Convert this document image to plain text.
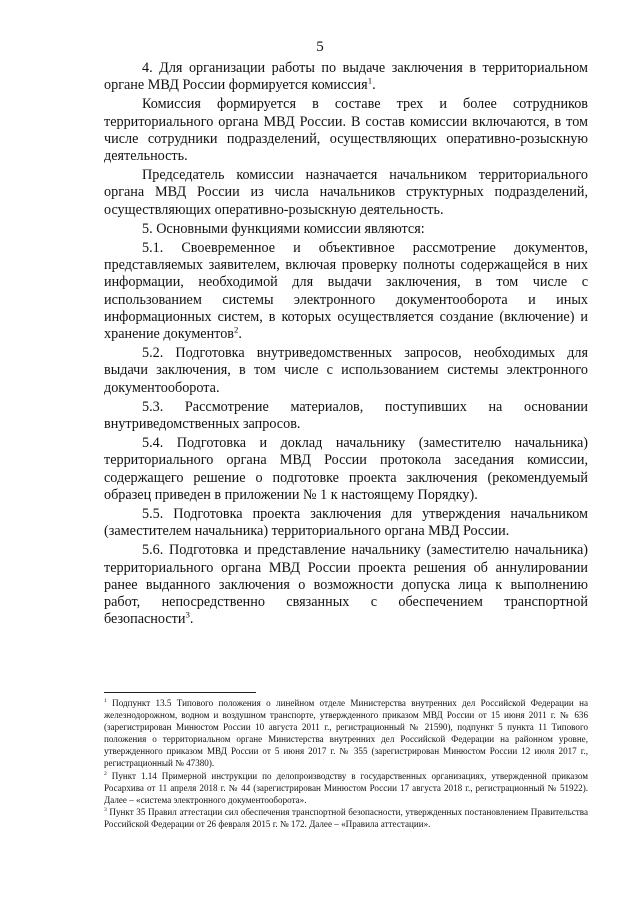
5

4. Для организации работы по выдаче заключения в территориальном органе МВД России формируется комиссия$^1$.

Комиссия формируется в составе трех и более сотрудников территориального органа МВД России. В состав комиссии включаются, в том числе сотрудники подразделений, осуществляющих оперативно-розыскную деятельность.

Председатель комиссии назначается начальником территориального органа МВД России из числа начальников структурных подразделений, осуществляющих оперативно-розыскную деятельность.

5. Основными функциями комиссии являются:

5.1. Своевременное и объективное рассмотрение документов, представляемых заявителем, включая проверку полноты содержащейся в них информации, необходимой для выдачи заключения, в том числе с использованием системы электронного документооборота и иных информационных систем, в которых осуществляется создание (включение) и хранение документов$^2$.

5.2. Подготовка внутриведомственных запросов, необходимых для выдачи заключения, в том числе с использованием системы электронного документооборота.

5.3. Рассмотрение материалов, поступивших на основании внутриведомственных запросов.

5.4. Подготовка и доклад начальнику (заместителю начальника) территориального органа МВД России протокола заседания комиссии, содержащего решение о подготовке проекта заключения (рекомендуемый образец приведен в приложении № 1 к настоящему Порядку).

5.5. Подготовка проекта заключения для утверждения начальником (заместителем начальника) территориального органа МВД России.

5.6. Подготовка и представление начальнику (заместителю начальника) территориального органа МВД России проекта решения об аннулировании ранее выданного заключения о возможности допуска лица к выполнению работ, непосредственно связанных с обеспечением транспортной безопасности$^3$.

$^1$ Подпункт 13.5 Типового положения о линейном отделе Министерства внутренних дел Российской Федерации на железнодорожном, водном и воздушном транспорте, утвержденного приказом МВД России от 15 июня 2011 г. № 636 (зарегистрирован Минюстом России 10 августа 2011 г., регистрационный № 21590), подпункт 5 пункта 11 Типового положения о территориальном органе Министерства внутренних дел Российской Федерации на районном уровне, утвержденного приказом МВД России от 5 июня 2017 г. № 355 (зарегистрирован Минюстом России 12 июля 2017 г., регистрационный № 47380).

$^2$ Пункт 1.14 Примерной инструкции по делопроизводству в государственных организациях, утвержденной приказом Росархива от 11 апреля 2018 г. № 44 (зарегистрирован Минюстом России 17 августа 2018 г., регистрационный № 51922). Далее – «система электронного документооборота».

$^3$ Пункт 35 Правил аттестации сил обеспечения транспортной безопасности, утвержденных постановлением Правительства Российской Федерации от 26 февраля 2015 г. № 172. Далее – «Правила аттестации».
